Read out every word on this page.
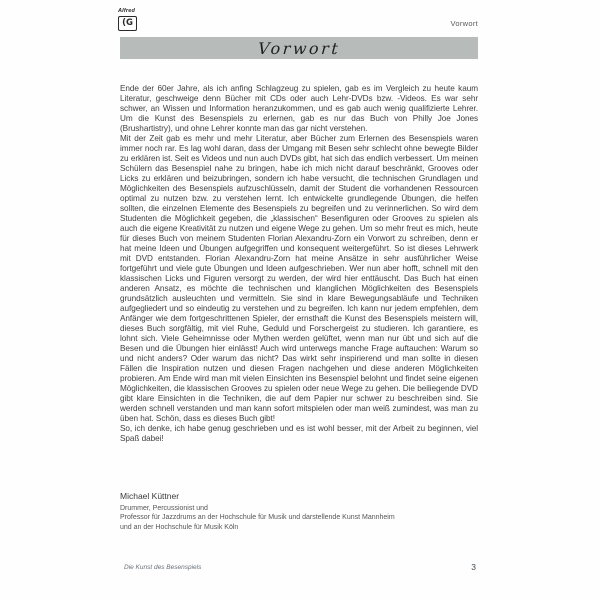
Alfred
(G	Vorwort
Vorwort

Ende der 60er Jahre, als ich anfing Schlagzeug zu spielen, gab es im Vergleich zu heute kaum Literatur, geschweige denn Bücher mit CDs oder auch Lehr-DVDs bzw. -Videos. Es war sehr schwer, an Wissen und Information heranzukommen, und es gab auch wenig qualifizierte Lehrer. Um die Kunst des Besenspiels zu erlernen, gab es nur das Buch von Philly Joe Jones (Brushartistry), und ohne Lehrer konnte man das gar nicht verstehen.

Mit der Zeit gab es mehr und mehr Literatur, aber Bücher zum Erlernen des Besenspiels waren immer noch rar. Es lag wohl daran, dass der Umgang mit Besen sehr schlecht ohne bewegte Bilder zu erklären ist. Seit es Videos und nun auch DVDs gibt, hat sich das endlich verbessert. Um meinen Schülern das Besenspiel nahe zu bringen, habe ich mich nicht darauf beschränkt, Grooves oder Licks zu erklären und beizubringen, sondern ich habe versucht, die technischen Grundlagen und Möglichkeiten des Besenspiels aufzuschlüsseln, damit der Student die vorhandenen Ressourcen optimal zu nutzen bzw. zu verstehen lernt. Ich entwickelte grundlegende Übungen, die helfen sollten, die einzelnen Elemente des Besenspiels zu begreifen und zu verinnerlichen. So wird dem Studenten die Möglichkeit gegeben, die „klassischen“ Besenfiguren oder Grooves zu spielen als auch die eigene Kreativität zu nutzen und eigene Wege zu gehen. Um so mehr freut es mich, heute für dieses Buch von meinem Studenten Florian Alexandru-Zorn ein Vorwort zu schreiben, denn er hat meine Ideen und Übungen aufgegriffen und konsequent weitergeführt. So ist dieses Lehrwerk mit DVD entstanden. Florian Alexandru-Zorn hat meine Ansätze in sehr ausführlicher Weise fortgeführt und viele gute Übungen und Ideen aufgeschrieben. Wer nun aber hofft, schnell mit den klassischen Licks und Figuren versorgt zu werden, der wird hier enttäuscht. Das Buch hat einen anderen Ansatz, es möchte die technischen und klanglichen Möglichkeiten des Besenspiels grundsätzlich ausleuchten und vermitteln. Sie sind in klare Bewegungsabläufe und Techniken aufgegliedert und so eindeutig zu verstehen und zu begreifen. Ich kann nur jedem empfehlen, dem Anfänger wie dem fortgeschrittenen Spieler, der ernsthaft die Kunst des Besenspiels meistern will, dieses Buch sorgfältig, mit viel Ruhe, Geduld und Forschergeist zu studieren. Ich garantiere, es lohnt sich. Viele Geheimnisse oder Mythen werden gelüftet, wenn man nur übt und sich auf die Besen und die Übungen hier einlässt! Auch wird unterwegs manche Frage auftauchen: Warum so und nicht anders? Oder warum das nicht? Das wirkt sehr inspirierend und man sollte in diesen Fällen die Inspiration nutzen und diesen Fragen nachgehen und diese anderen Möglichkeiten probieren. Am Ende wird man mit vielen Einsichten ins Besenspiel belohnt und findet seine eigenen Möglichkeiten, die klassischen Grooves zu spielen oder neue Wege zu gehen. Die beiliegende DVD gibt klare Einsichten in die Techniken, die auf dem Papier nur schwer zu beschreiben sind. Sie werden schnell verstanden und man kann sofort mitspielen oder man weiß zumindest, was man zu üben hat. Schön, dass es dieses Buch gibt!

So, ich denke, ich habe genug geschrieben und es ist wohl besser, mit der Arbeit zu beginnen, viel Spaß dabei!

Michael Küttner
Drummer, Percussionist und
Professor für Jazzdrums an der Hochschule für Musik und darstellende Kunst Mannheim
und an der Hochschule für Musik Köln
Die Kunst des Besenspiels	3
